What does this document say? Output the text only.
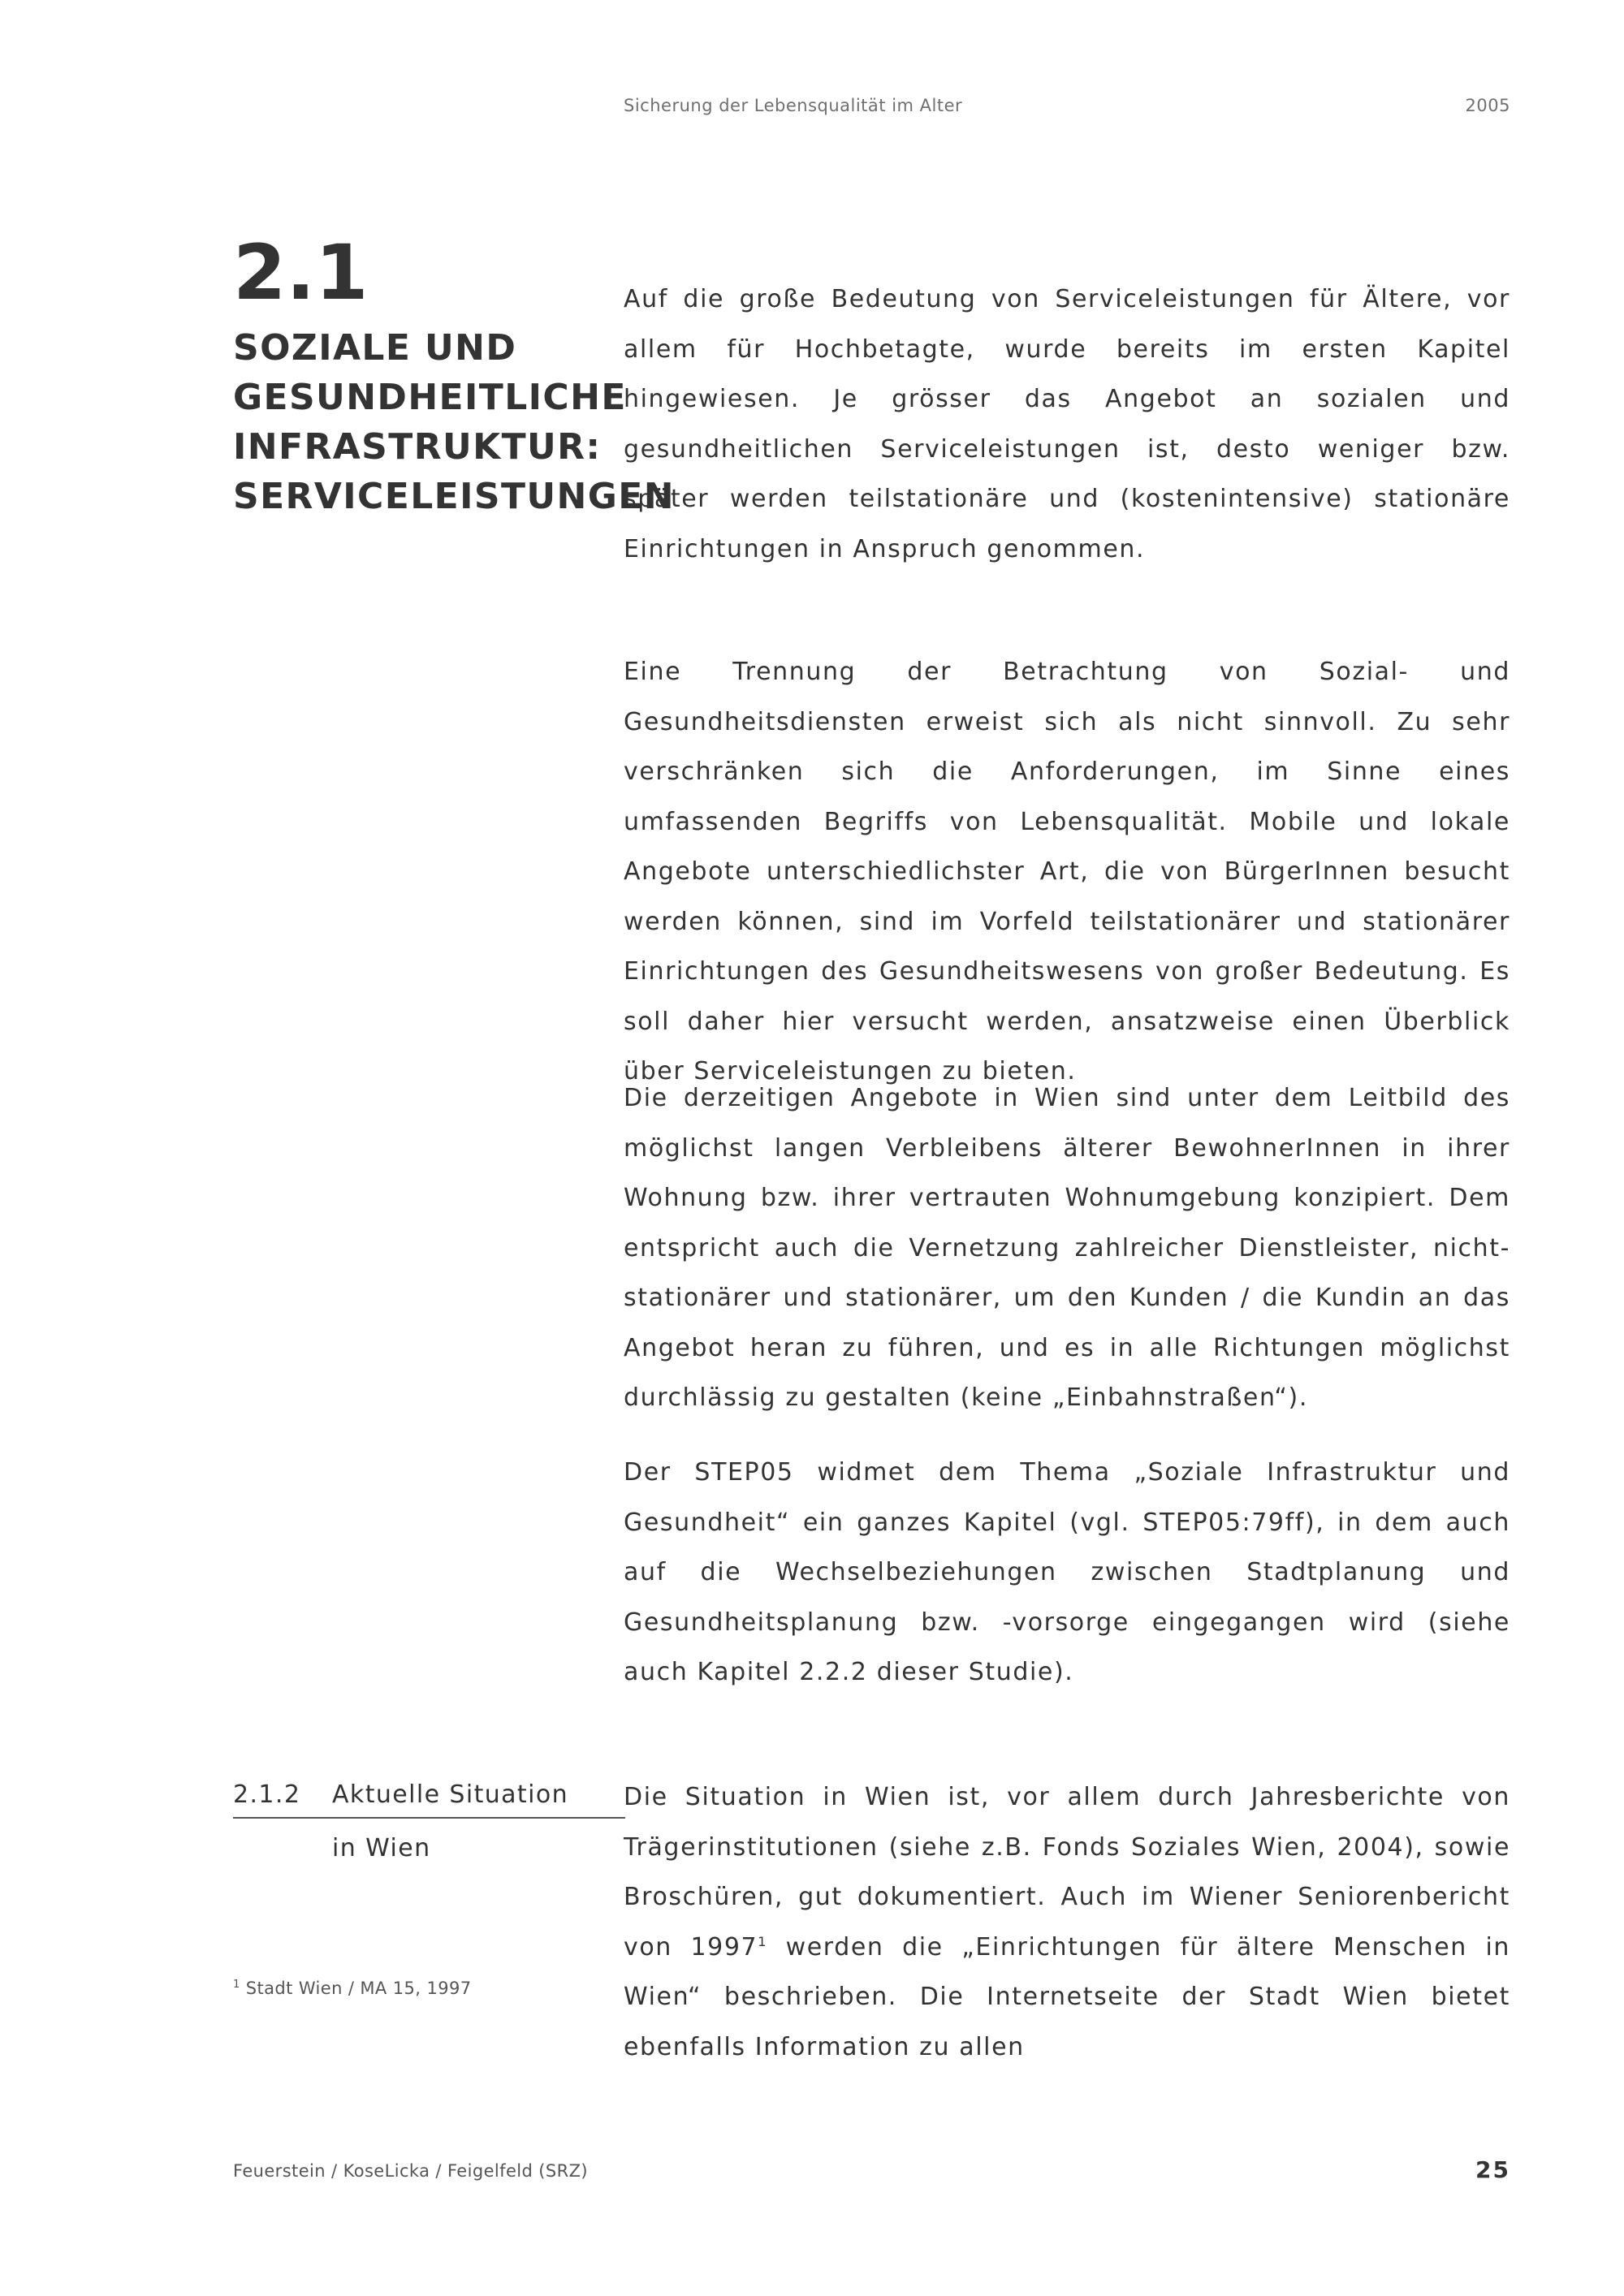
Sicherung der Lebensqualität im Alter	2005
2.1
SOZIALE UND
GESUNDHEITLICHE
INFRASTRUKTUR:
SERVICELEISTUNGEN

Auf die große Bedeutung von Serviceleistungen für Ältere, vor allem für Hochbetagte, wurde bereits im ersten Kapitel hingewiesen. Je grösser das Angebot an sozialen und gesundheitlichen Serviceleistungen ist, desto weniger bzw. später werden teilstationäre und (kostenintensive) stationäre Einrichtungen in Anspruch genommen.

Eine Trennung der Betrachtung von Sozial- und Gesundheitsdiensten erweist sich als nicht sinnvoll. Zu sehr verschränken sich die Anforderungen, im Sinne eines umfassenden Begriffs von Lebensqualität. Mobile und lokale Angebote unterschiedlichster Art, die von BürgerInnen besucht werden können, sind im Vorfeld teilstationärer und stationärer Einrichtungen des Gesundheitswesens von großer Bedeutung. Es soll daher hier versucht werden, ansatzweise einen Überblick über Serviceleistungen zu bieten.

Die derzeitigen Angebote in Wien sind unter dem Leitbild des möglichst langen Verbleibens älterer BewohnerInnen in ihrer Wohnung bzw. ihrer vertrauten Wohnumgebung konzipiert. Dem entspricht auch die Vernetzung zahlreicher Dienstleister, nicht-stationärer und stationärer, um den Kunden / die Kundin an das Angebot heran zu führen, und es in alle Richtungen möglichst durchlässig zu gestalten (keine „Einbahnstraßen“).

Der STEP05 widmet dem Thema „Soziale Infrastruktur und Gesundheit“ ein ganzes Kapitel (vgl. STEP05:79ff), in dem auch auf die Wechselbeziehungen zwischen Stadtplanung und Gesundheitsplanung bzw. -vorsorge eingegangen wird (siehe auch Kapitel 2.2.2 dieser Studie).

2.1.2 Aktuelle Situation
in Wien

Die Situation in Wien ist, vor allem durch Jahresberichte von Trägerinstitutionen (siehe z.B. Fonds Soziales Wien, 2004), sowie Broschüren, gut dokumentiert. Auch im Wiener Seniorenbericht von 1997$^1$ werden die „Einrichtungen für ältere Menschen in Wien“ beschrieben. Die Internetseite der Stadt Wien bietet ebenfalls Information zu allen

$^1$ Stadt Wien / MA 15, 1997
Feuerstein / KoseLicka / Feigelfeld (SRZ)	25
